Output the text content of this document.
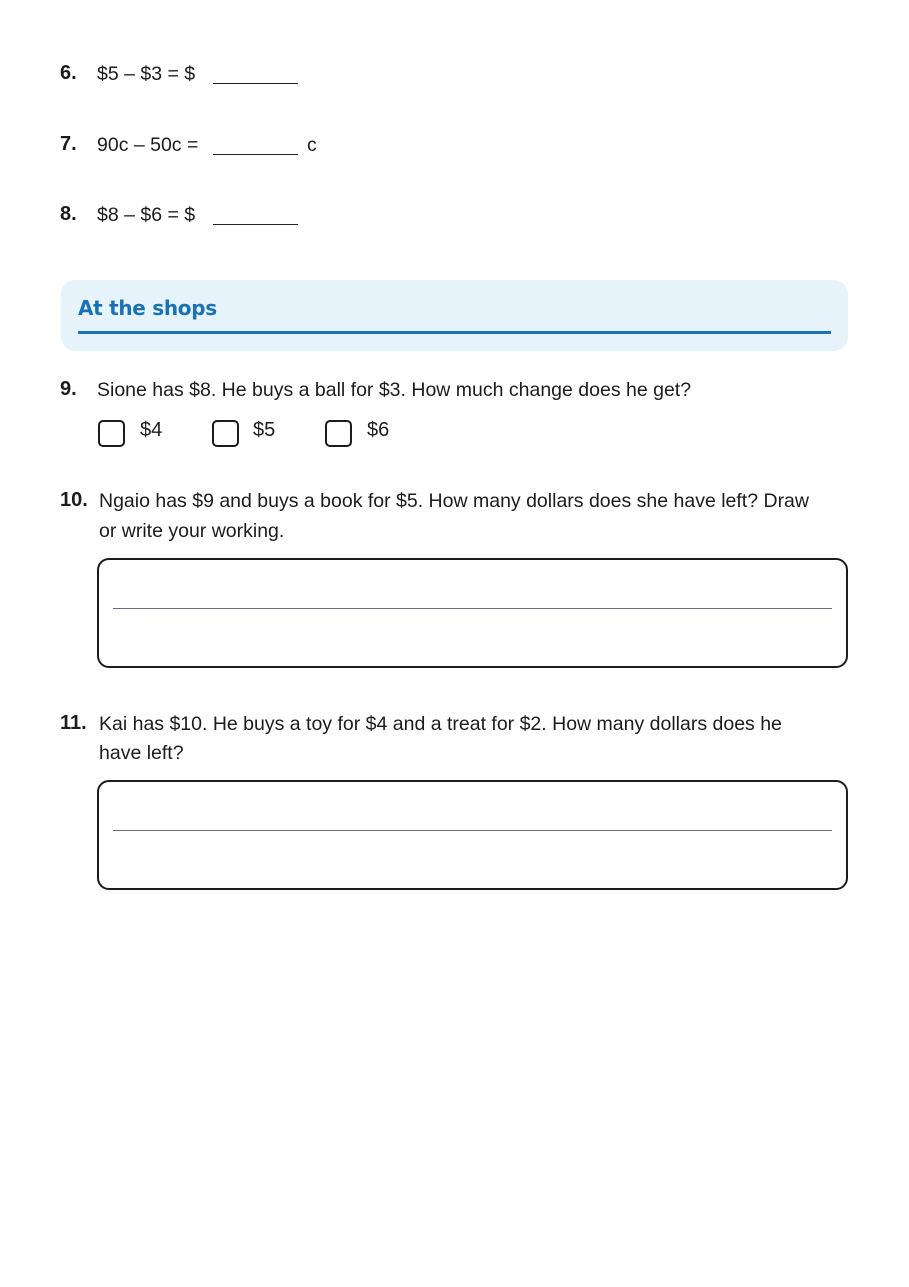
6. $5 – $3 = $
7. 90c – 50c =	c
8. $8 – $6 = $
At the shops
9. Sione has $8. He buys a ball for $3. How much change does he get?
$4	$5	$6
10. Ngaio has $9 and buys a book for $5. How many dollars does she have left? Draw
or write your working.
11. Kai has $10. He buys a toy for $4 and a treat for $2. How many dollars does he
have left?
